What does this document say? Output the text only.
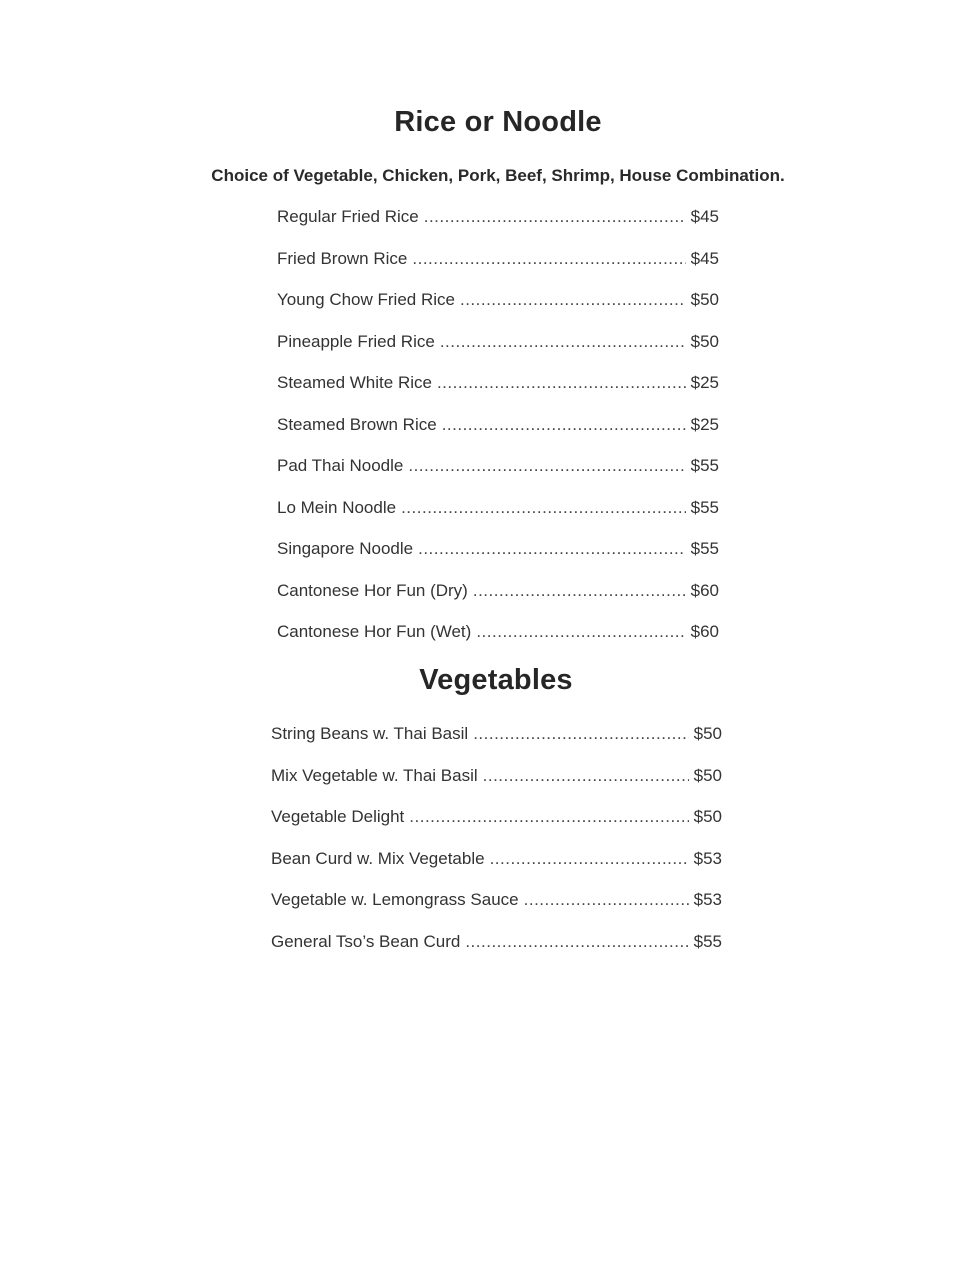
Rice or Noodle
Choice of Vegetable, Chicken, Pork, Beef, Shrimp, House Combination.
Regular Fried Rice .....	$45
Fried Brown Rice .....	$45
Young Chow Fried Rice .....	$50
Pineapple Fried Rice .....	$50
Steamed White Rice .....	$25
Steamed Brown Rice .....	$25
Pad Thai Noodle .....	$55
Lo Mein Noodle .....	$55
Singapore Noodle .....	$55
Cantonese Hor Fun (Dry) .....	$60
Cantonese Hor Fun (Wet) .....	$60
Vegetables
String Beans w. Thai Basil .....	$50
Mix Vegetable w. Thai Basil .....	$50
Vegetable Delight .....	$50
Bean Curd w. Mix Vegetable .....	$53
Vegetable w. Lemongrass Sauce .....	$53
General Tso’s Bean Curd .....	$55
